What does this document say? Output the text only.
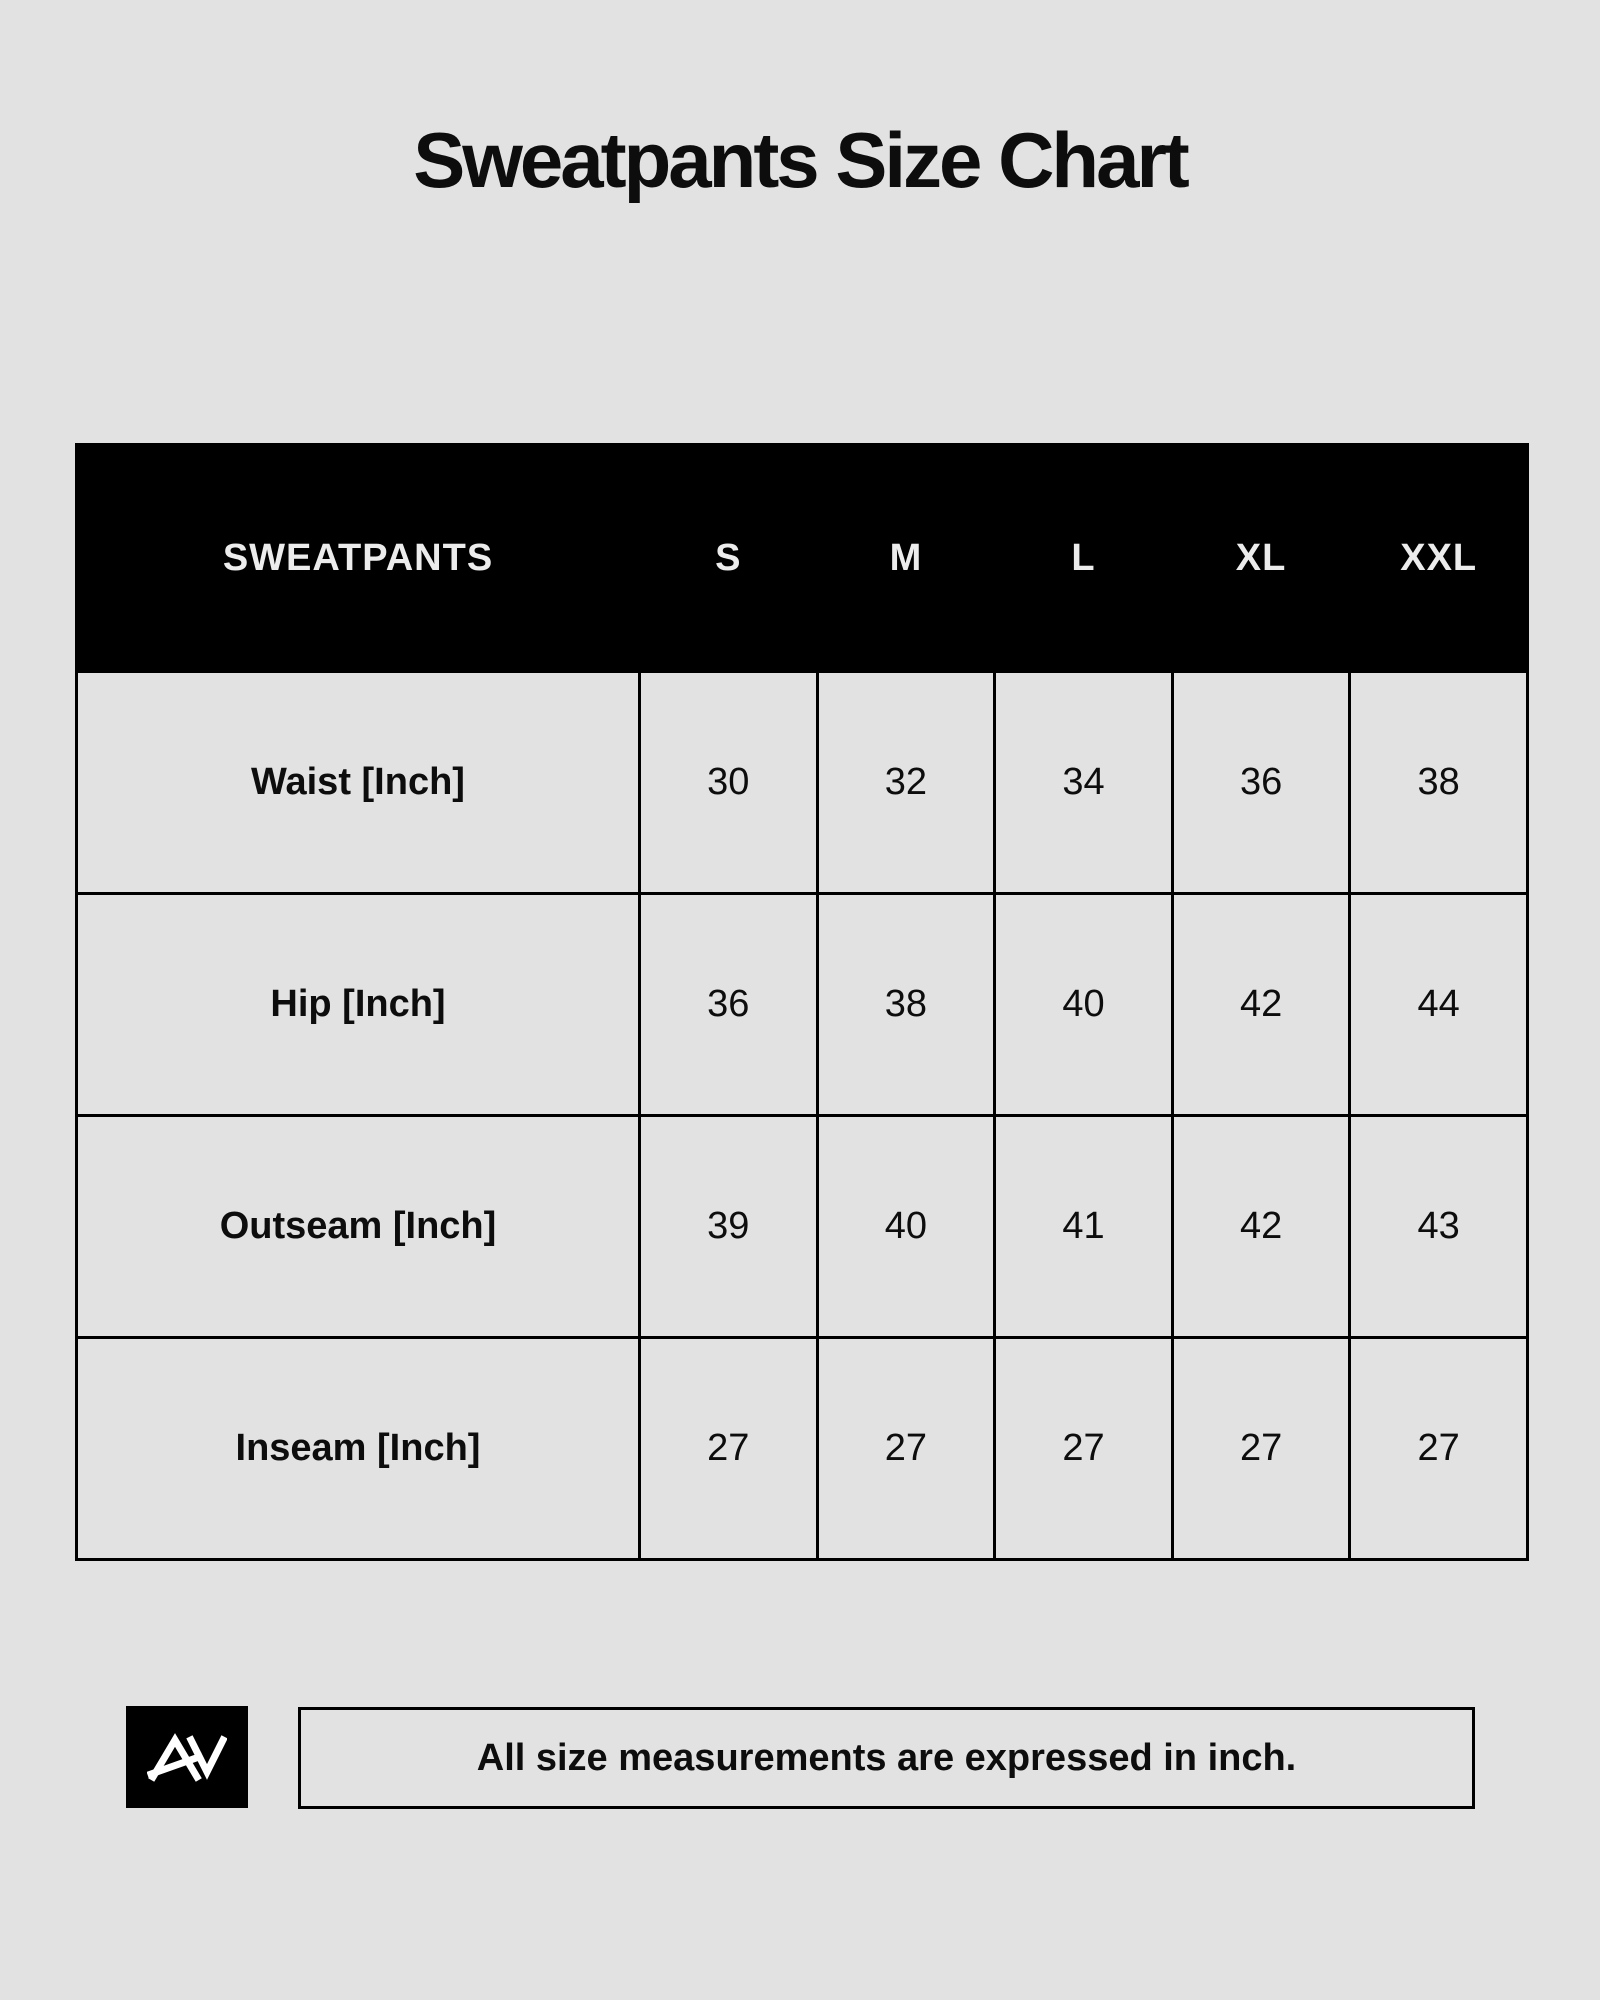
Sweatpants Size Chart
SWEATPANTS	S	M	L	XL	XXL
Waist [Inch]	30	32	34	36	38
Hip [Inch]	36	38	40	42	44
Outseam [Inch]	39	40	41	42	43
Inseam [Inch]	27	27	27	27	27
All size measurements are expressed in inch.
